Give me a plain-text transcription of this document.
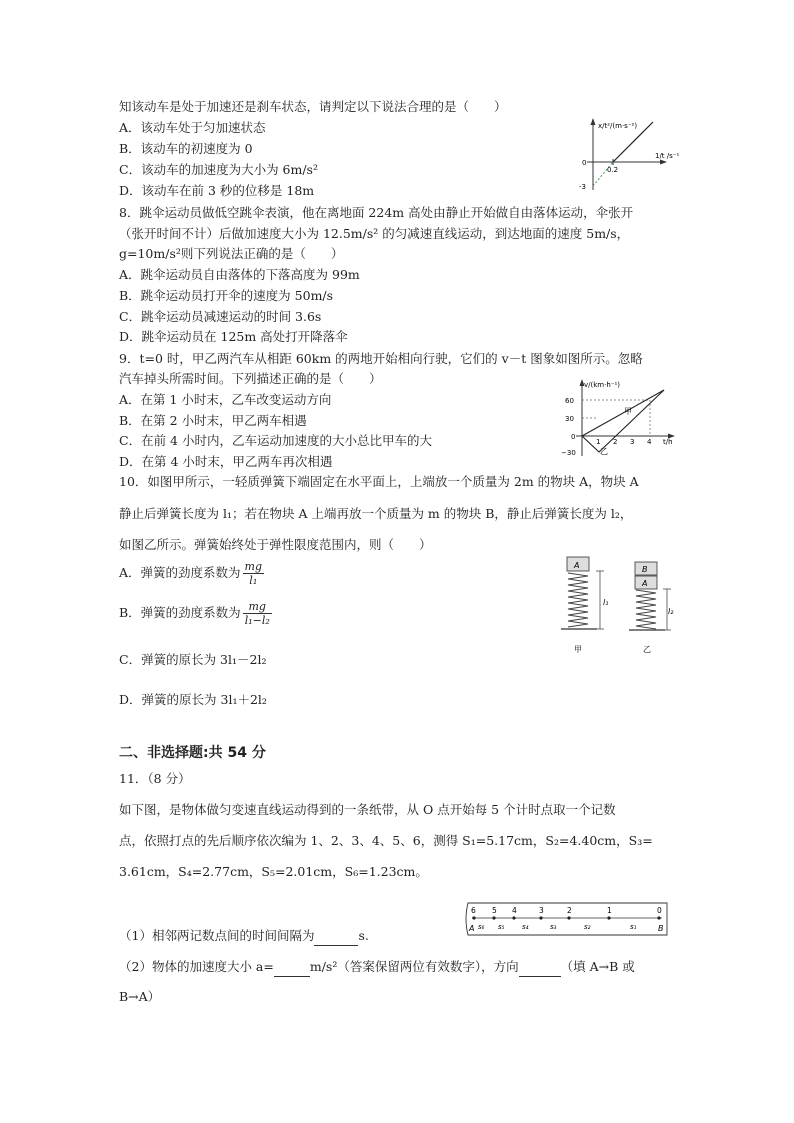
知该动车是处于加速还是刹车状态，请判定以下说法合理的是（　　）
A．该动车处于匀加速状态
B．该动车的初速度为 0
C．该动车的加速度为大小为 6m/s²
D．该动车在前 3 秒的位移是 18m
x/t²/(m·s⁻²)
1/t /s⁻¹
0
0.2
-3
8．跳伞运动员做低空跳伞表演，他在离地面 224m 高处由静止开始做自由落体运动，伞张开
（张开时间不计）后做加速度大小为 12.5m/s² 的匀减速直线运动，到达地面的速度 5m/s，
g=10m/s²则下列说法正确的是（　　）
A．跳伞运动员自由落体的下落高度为 99m
B．跳伞运动员打开伞的速度为 50m/s
C．跳伞运动员减速运动的时间 3.6s
D．跳伞运动员在 125m 高处打开降落伞
9．t=0 时，甲乙两汽车从相距 60km 的两地开始相向行驶，它们的 v－t 图象如图所示。忽略
汽车掉头所需时间。下列描述正确的是（　　）
A．在第 1 小时末，乙车改变运动方向
B．在第 2 小时末，甲乙两车相遇
C．在前 4 小时内，乙车运动加速度的大小总比甲车的大
D．在第 4 小时末，甲乙两车再次相遇
v/(km·h⁻¹)
t/h
60
30
0
−30
1 2 3 4
甲
乙
10．如图甲所示，一轻质弹簧下端固定在水平面上，上端放一个质量为 2m 的物块 A，物块 A
静止后弹簧长度为 l₁；若在物块 A 上端再放一个质量为 m 的物块 B，静止后弹簧长度为 l₂，
如图乙所示。弹簧始终处于弹性限度范围内，则（　　）
A．弹簧的劲度系数为 $\frac{mg}{\text{l₁}}$
B．弹簧的劲度系数为 $\frac{mg}{\text{l₁−l₂}}$
C．弹簧的原长为 3l₁－2l₂
D．弹簧的原长为 3l₁＋2l₂
A
l₁
甲
B
A
l₂
乙
二、非选择题:共 54 分
11．（8 分）
如下图，是物体做匀变速直线运动得到的一条纸带，从 O 点开始每 5 个计时点取一个记数
点，依照打点的先后顺序依次编为 1、2、3、4、5、6，测得 S₁=5.17cm，S₂=4.40cm，S₃=
3.61cm，S₄=2.77cm，S₅=2.01cm，S₆=1.23cm。
6 5 4	3	2	1	0
s₆ s₅	s₄	s₃	s₂	s₁
A	B
（1）相邻两记数点间的时间间隔为	s.
（2）物体的加速度大小 a=	m/s²（答案保留两位有效数字），方向	（填 A→B 或
B→A）
